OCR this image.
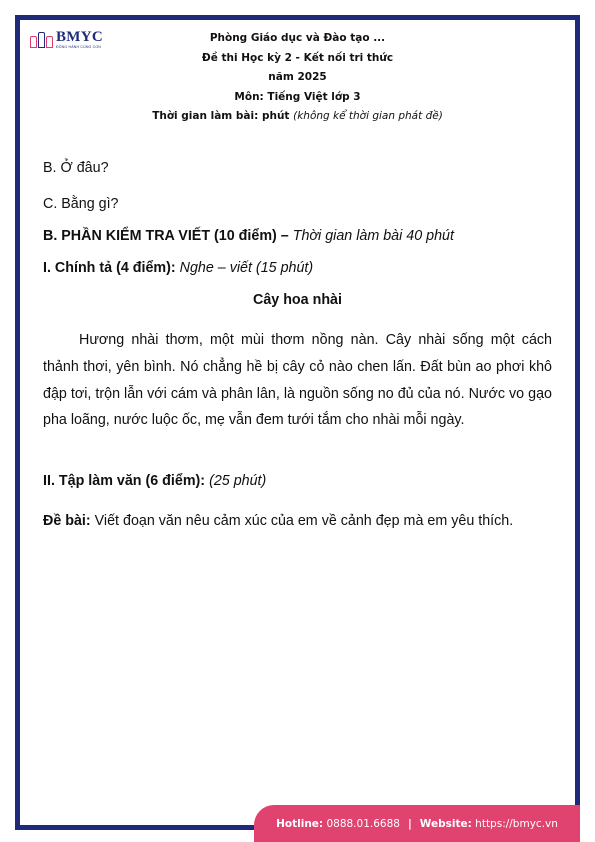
BMYC
ĐỒNG HÀNH CÙNG CON
Phòng Giáo dục và Đào tạo ...
Đề thi Học kỳ 2 - Kết nối tri thức
năm 2025
Môn: Tiếng Việt lớp 3
Thời gian làm bài: phút (không kể thời gian phát đề)
B. Ở đâu?
C. Bằng gì?
B. PHẦN KIỂM TRA VIẾT (10 điểm) – Thời gian làm bài 40 phút
I. Chính tả (4 điểm): Nghe – viết (15 phút)
Cây hoa nhài
Hương nhài thơm, một mùi thơm nồng nàn. Cây nhài sống một cách thảnh thơi, yên bình. Nó chẳng hề bị cây cỏ nào chen lấn. Đất bùn ao phơi khô đập tơi, trộn lẫn với cám và phân lân, là nguồn sống no đủ của nó. Nước vo gạo pha loãng, nước luộc ốc, mẹ vẫn đem tưới tắm cho nhài mỗi ngày.
II. Tập làm văn (6 điểm): (25 phút)
Đề bài: Viết đoạn văn nêu cảm xúc của em về cảnh đẹp mà em yêu thích.
Hotline:
0888.01.6688 | Website:
https://bmyc.vn
